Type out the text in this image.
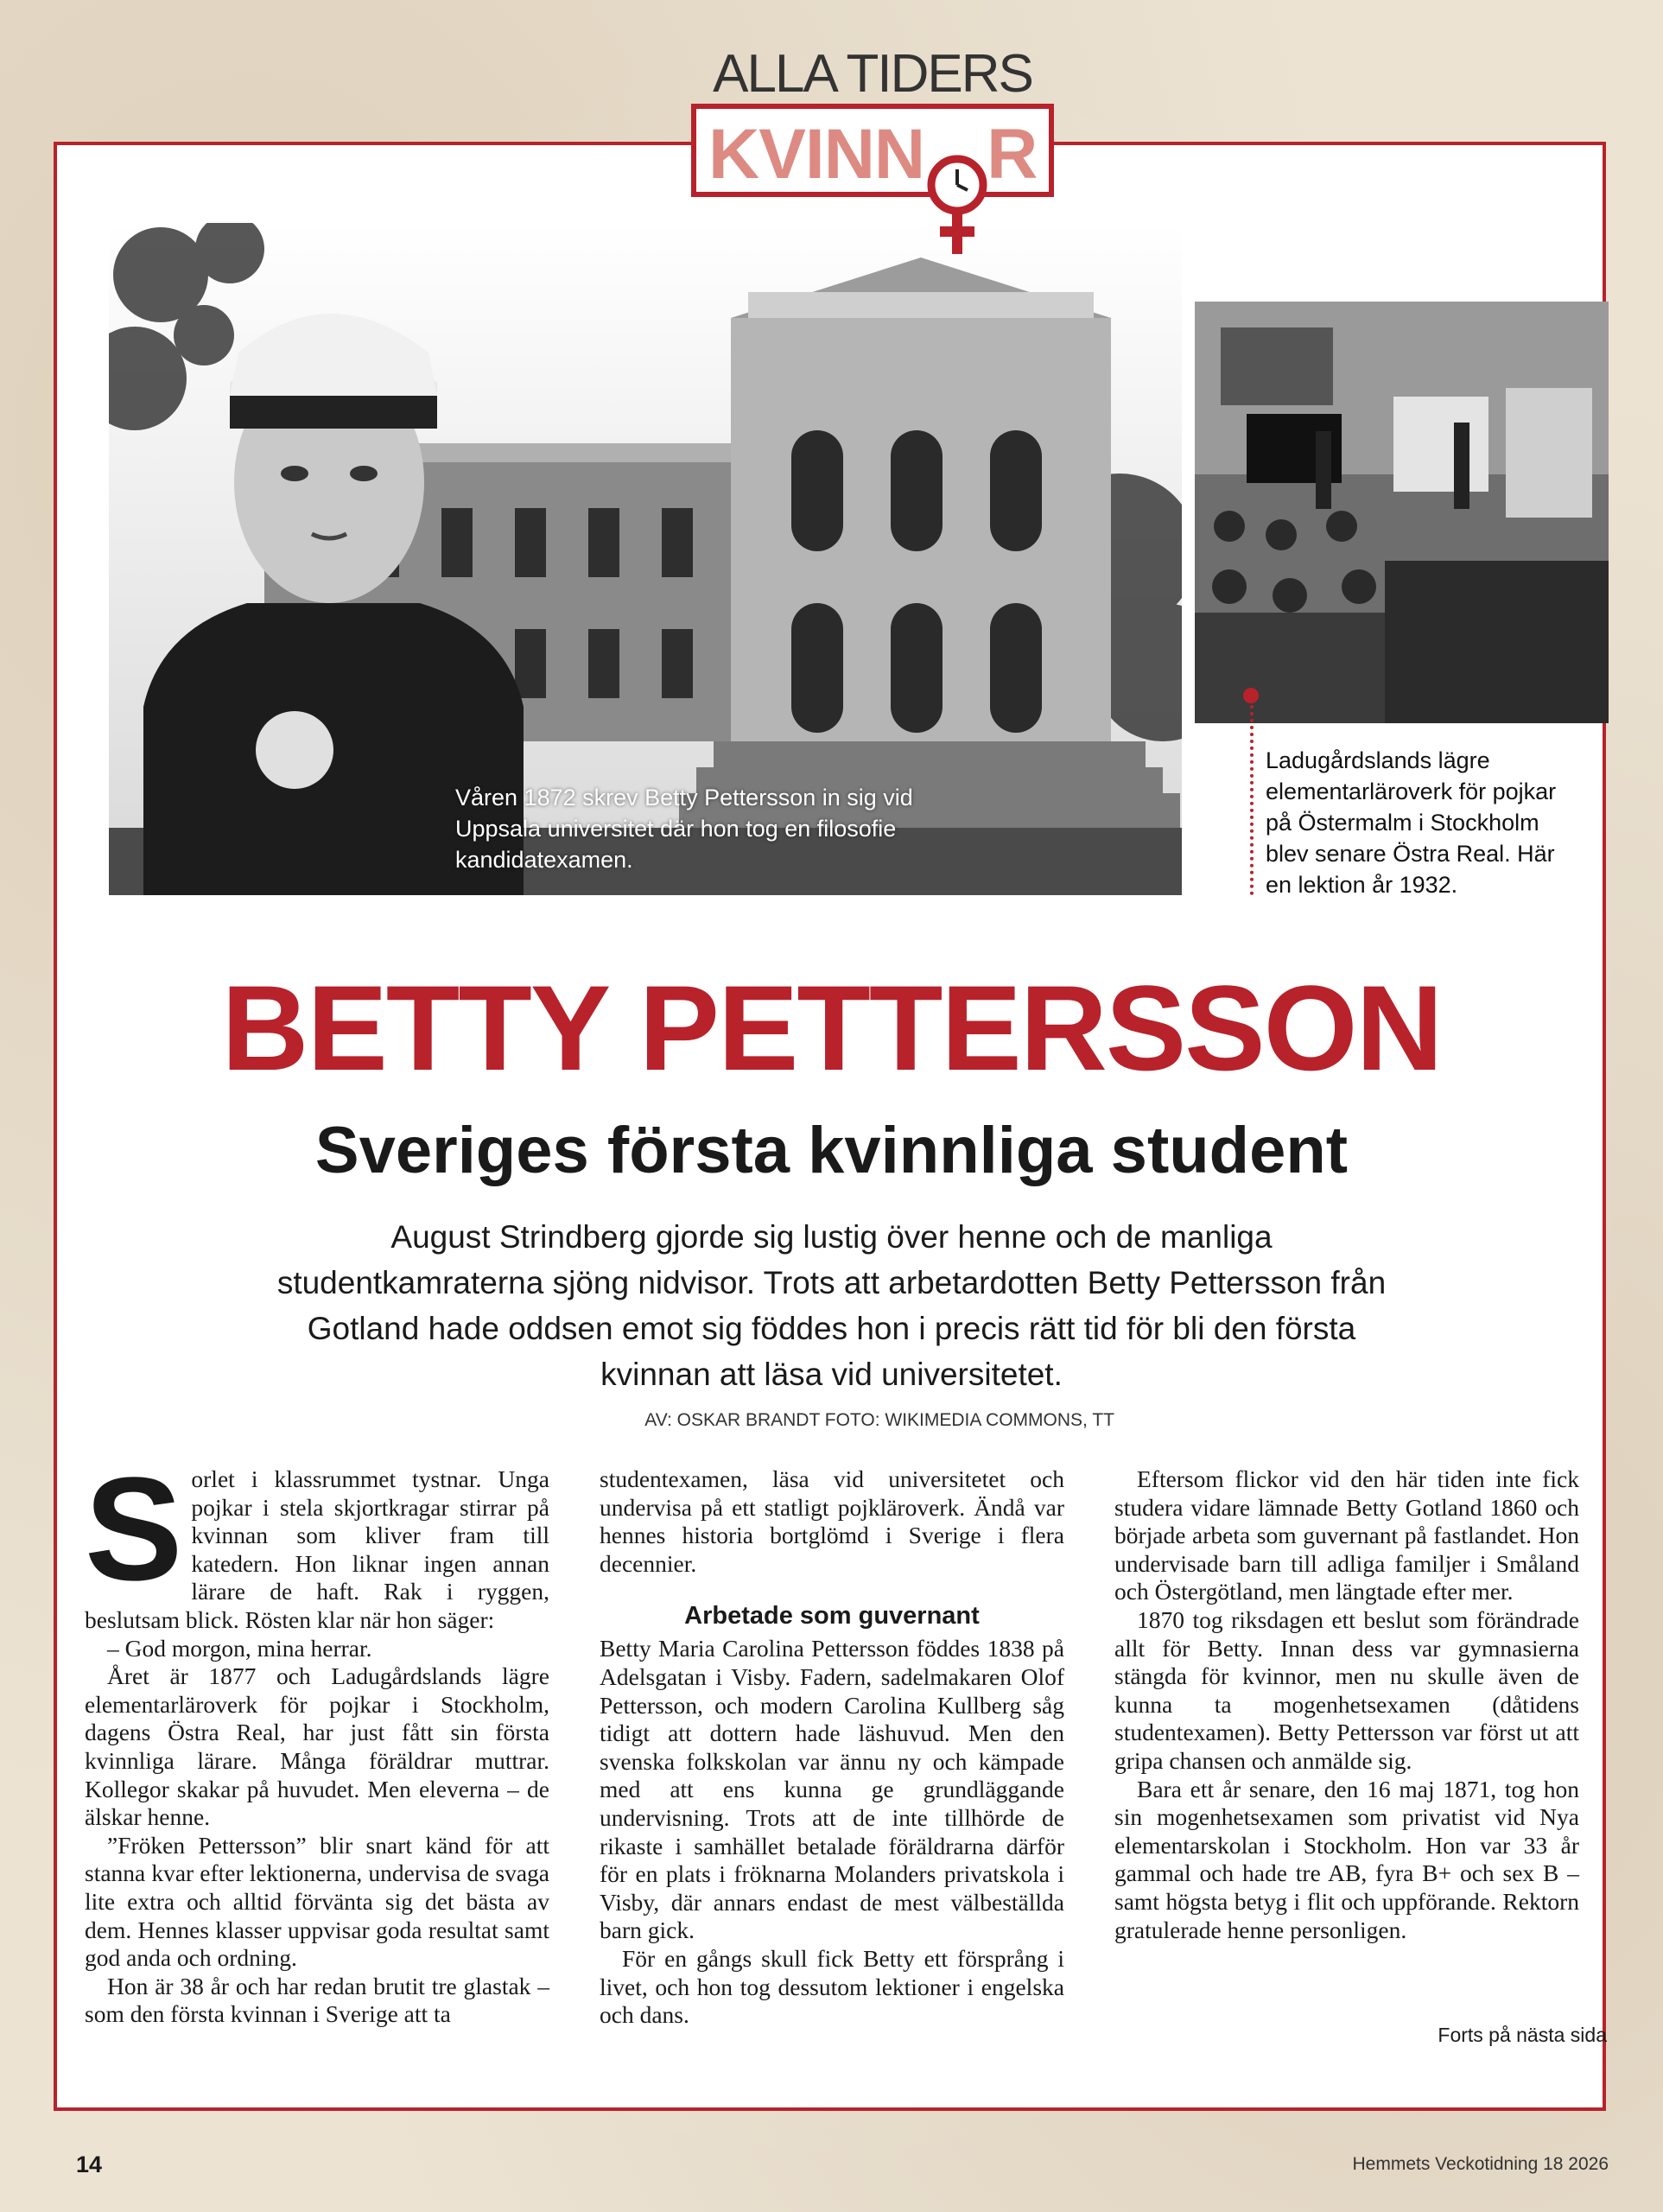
ALLA TIDERS
KVINN R
Våren 1872 skrev Betty Pettersson in sig vid Uppsala universitet där hon tog en filosofie kandidatexamen.
Ladugårdslands lägre elementarläroverk för pojkar på Östermalm i Stockholm blev senare Östra Real. Här en lektion år 1932.
BETTY PETTERSSON
Sveriges första kvinnliga student
August Strindberg gjorde sig lustig över henne och de manliga studentkamraterna sjöng nidvisor. Trots att arbetardotten Betty Pettersson från Gotland hade oddsen emot sig föddes hon i precis rätt tid för bli den första kvinnan att läsa vid universitetet.
AV: OSKAR BRANDT FOTO: WIKIMEDIA COMMONS, TT

Sorlet i klassrummet tystnar. Unga pojkar i stela skjortkragar stirrar på kvinnan som kliver fram till katedern. Hon liknar ingen annan lärare de haft. Rak i ryggen, beslutsam blick. Rösten klar när hon säger:

– God morgon, mina herrar.

Året är 1877 och Ladugårdslands lägre elementarläroverk för pojkar i Stockholm, dagens Östra Real, har just fått sin första kvinnliga lärare. Många föräldrar muttrar. Kollegor skakar på huvudet. Men eleverna – de älskar henne.

”Fröken Pettersson” blir snart känd för att stanna kvar efter lektionerna, undervisa de svaga lite extra och alltid förvänta sig det bästa av dem. Hennes klasser uppvisar goda resultat samt god anda och ordning.

Hon är 38 år och har redan brutit tre glastak – som den första kvinnan i Sverige att ta

studentexamen, läsa vid universitetet och undervisa på ett statligt pojkläroverk. Ändå var hennes historia bortglömd i Sverige i flera decennier.

Arbetade som guvernant

Betty Maria Carolina Pettersson föddes 1838 på Adelsgatan i Visby. Fadern, sadelmakaren Olof Pettersson, och modern Carolina Kullberg såg tidigt att dottern hade läshuvud. Men den svenska folkskolan var ännu ny och kämpade med att ens kunna ge grundläggande undervisning. Trots att de inte tillhörde de rikaste i samhället betalade föräldrarna därför för en plats i fröknarna Molanders privatskola i Visby, där annars endast de mest välbeställda barn gick.

För en gångs skull fick Betty ett försprång i livet, och hon tog dessutom lektioner i engelska och dans.

Eftersom flickor vid den här tiden inte fick studera vidare lämnade Betty Gotland 1860 och började arbeta som guvernant på fastlandet. Hon undervisade barn till adliga familjer i Småland och Östergötland, men längtade efter mer.

1870 tog riksdagen ett beslut som förändrade allt för Betty. Innan dess var gymnasierna stängda för kvinnor, men nu skulle även de kunna ta mogenhetsexamen (dåtidens studentexamen). Betty Pettersson var först ut att gripa chansen och anmälde sig.

Bara ett år senare, den 16 maj 1871, tog hon sin mogenhetsexamen som privatist vid Nya elementarskolan i Stockholm. Hon var 33 år gammal och hade tre AB, fyra B+ och sex B – samt högsta betyg i flit och uppförande. Rektorn gratulerade henne personligen.

Forts på nästa sida
14	Hemmets Veckotidning 18 2026
